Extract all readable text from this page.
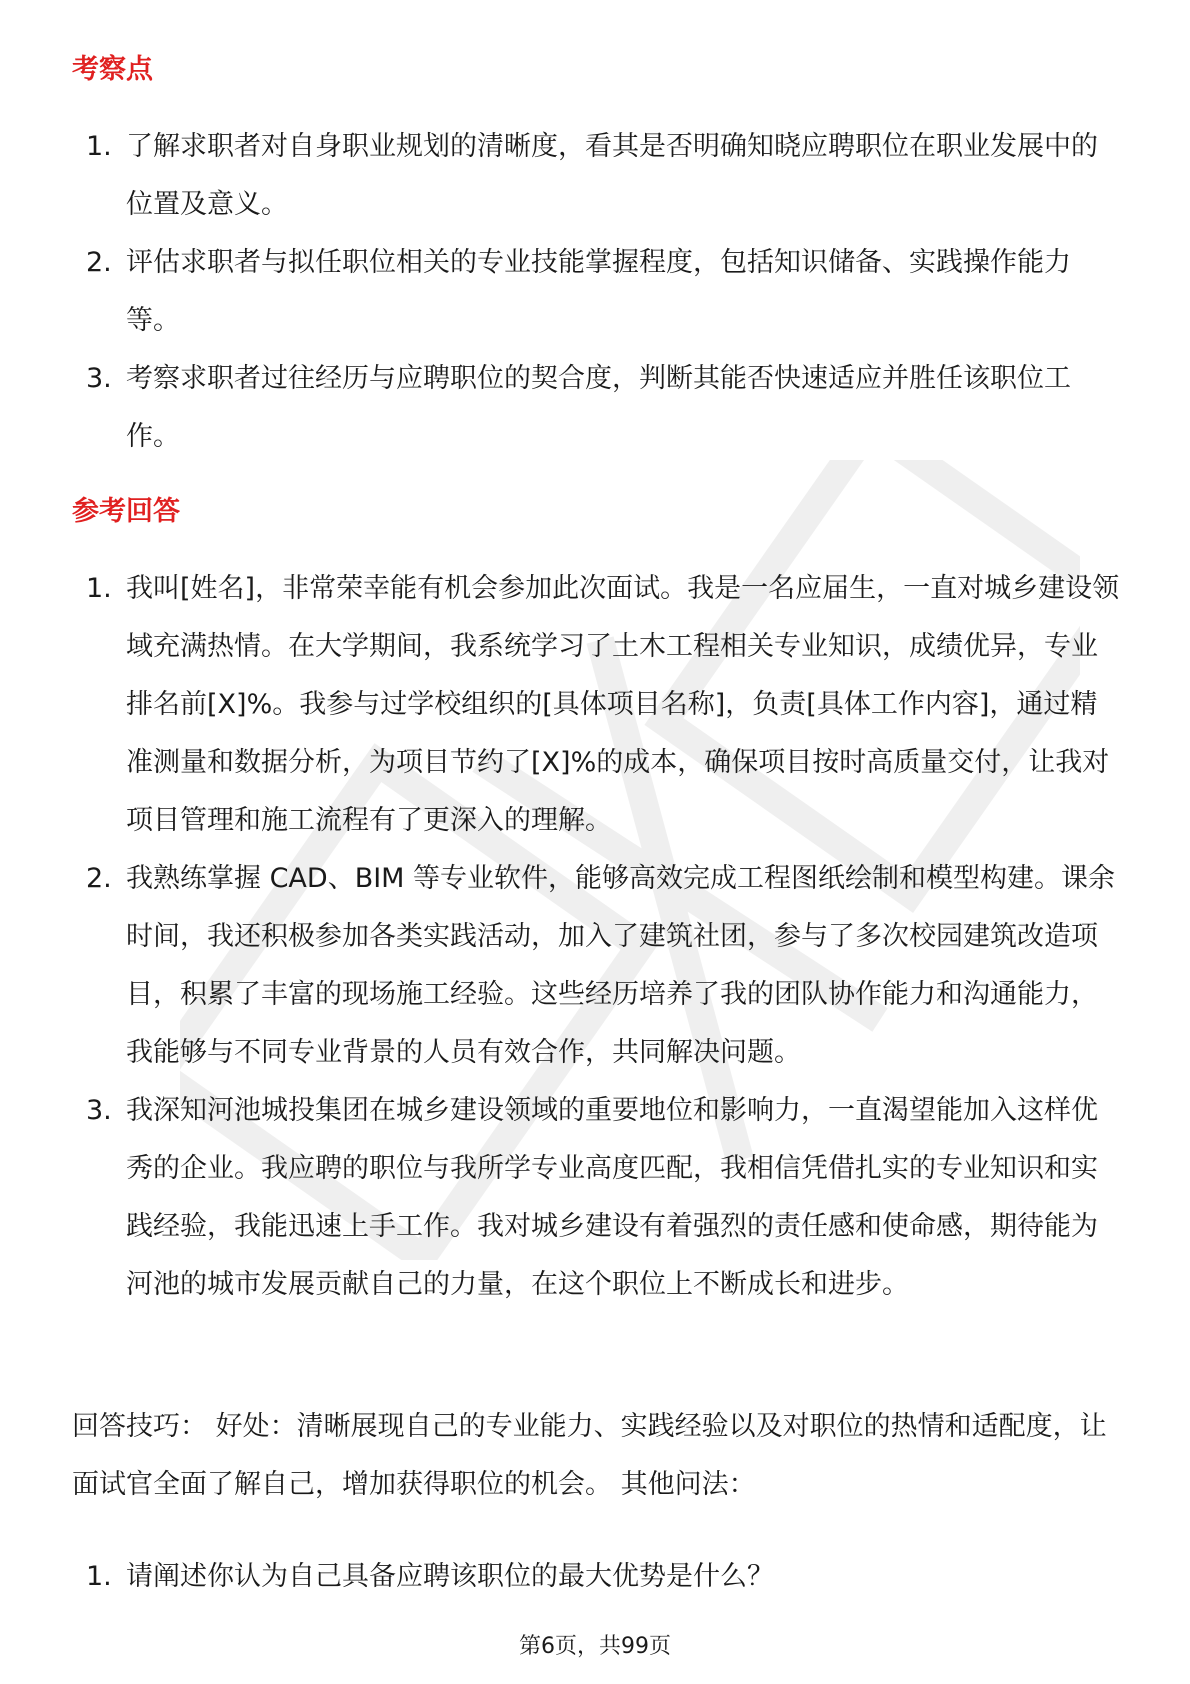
考察点
1. 了解求职者对自身职业规划的清晰度，看其是否明确知晓应聘职位在职业发展中的位置及意义。
2. 评估求职者与拟任职位相关的专业技能掌握程度，包括知识储备、实践操作能力等。
3. 考察求职者过往经历与应聘职位的契合度，判断其能否快速适应并胜任该职位工作。
参考回答
1. 我叫[姓名]，非常荣幸能有机会参加此次面试。我是一名应届生，一直对城乡建设领域充满热情。在大学期间，我系统学习了土木工程相关专业知识，成绩优异，专业排名前[X]%。我参与过学校组织的[具体项目名称]，负责[具体工作内容]，通过精准测量和数据分析，为项目节约了[X]%的成本，确保项目按时高质量交付，让我对项目管理和施工流程有了更深入的理解。
2. 我熟练掌握 CAD、BIM 等专业软件，能够高效完成工程图纸绘制和模型构建。课余时间，我还积极参加各类实践活动，加入了建筑社团，参与了多次校园建筑改造项目，积累了丰富的现场施工经验。这些经历培养了我的团队协作能力和沟通能力，我能够与不同专业背景的人员有效合作，共同解决问题。
3. 我深知河池城投集团在城乡建设领域的重要地位和影响力，一直渴望能加入这样优秀的企业。我应聘的职位与我所学专业高度匹配，我相信凭借扎实的专业知识和实践经验，我能迅速上手工作。我对城乡建设有着强烈的责任感和使命感，期待能为河池的城市发展贡献自己的力量，在这个职位上不断成长和进步。

回答技巧： 好处：清晰展现自己的专业能力、实践经验以及对职位的热情和适配度，让面试官全面了解自己，增加获得职位的机会。 其他问法：

1. 请阐述你认为自己具备应聘该职位的最大优势是什么？
第6页，共99页
